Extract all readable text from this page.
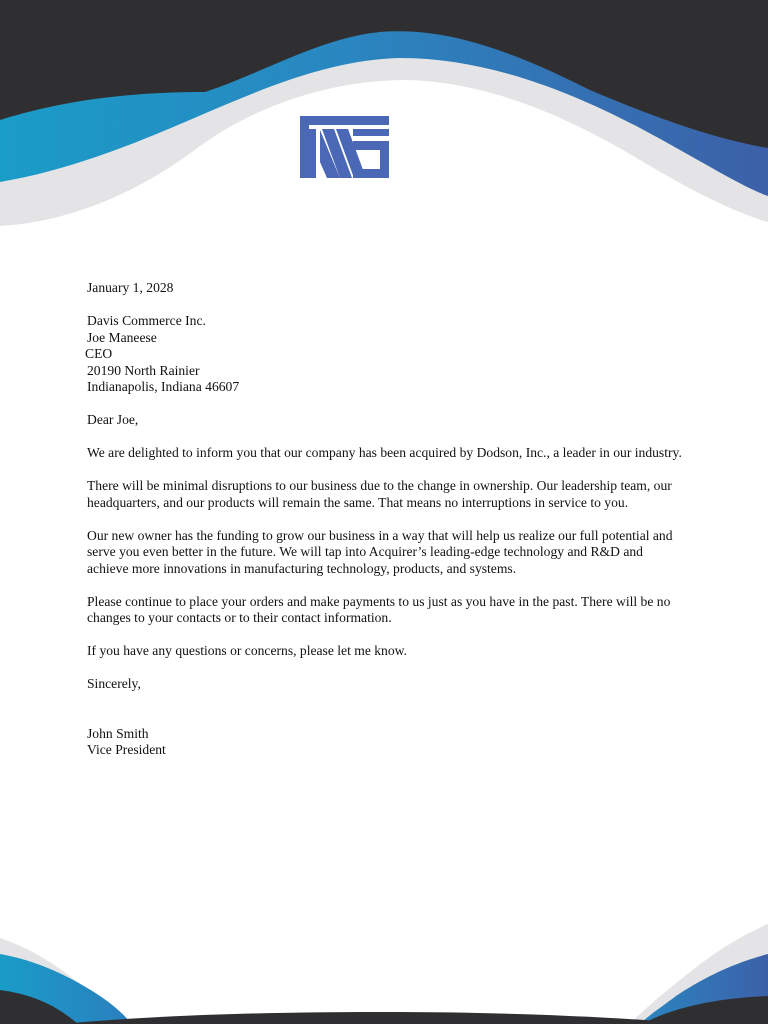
January 1, 2028

Davis Commerce Inc.
Joe Maneese
CEO
20190 North Rainier
Indianapolis, Indiana 46607

Dear Joe,

We are delighted to inform you that our company has been acquired by Dodson, Inc., a leader in our industry.

There will be minimal disruptions to our business due to the change in ownership. Our leadership team, our headquarters, and our products will remain the same. That means no interruptions in service to you.

Our new owner has the funding to grow our business in a way that will help us realize our full potential and serve you even better in the future. We will tap into Acquirer’s leading-edge technology and R&D and achieve more innovations in manufacturing technology, products, and systems.

Please continue to place your orders and make payments to us just as you have in the past. There will be no changes to your contacts or to their contact information.

If you have any questions or concerns, please let me know.

Sincerely,

John Smith
Vice President
